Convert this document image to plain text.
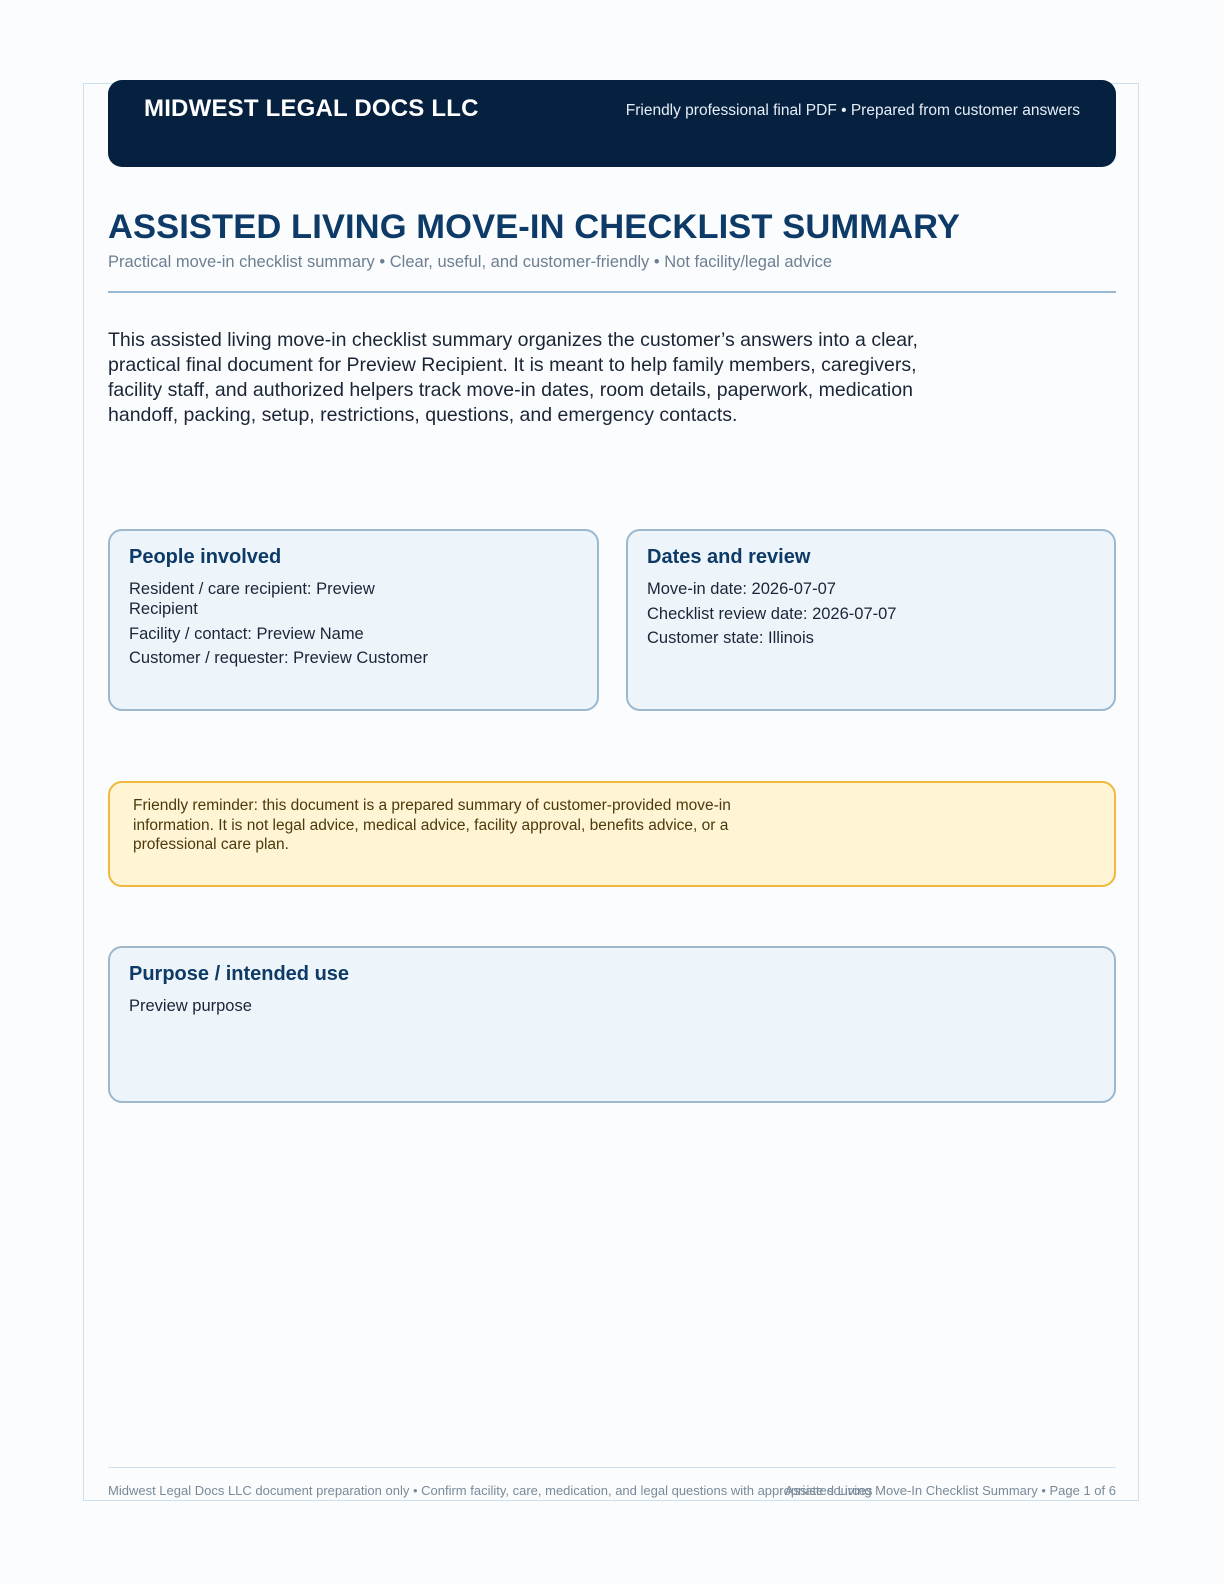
MIDWEST LEGAL DOCS LLC	Friendly professional final PDF • Prepared from customer answers
ASSISTED LIVING MOVE-IN CHECKLIST SUMMARY
Practical move-in checklist summary • Clear, useful, and customer-friendly • Not facility/legal advice

This assisted living move-in checklist summary organizes the customer’s answers into a clear, practical final document for Preview Recipient. It is meant to help family members, caregivers, facility staff, and authorized helpers track move-in dates, room details, paperwork, medication handoff, packing, setup, restrictions, questions, and emergency contacts.

People involved
Resident / care recipient: Preview Recipient
Facility / contact: Preview Name
Customer / requester: Preview Customer
Dates and review
Move-in date: 2026-07-07
Checklist review date: 2026-07-07
Customer state: Illinois

Friendly reminder: this document is a prepared summary of customer-provided move-in information. It is not legal advice, medical advice, facility approval, benefits advice, or a professional care plan.

Purpose / intended use
Preview purpose
Midwest Legal Docs LLC document preparation only • Confirm facility, care, medication, and legal questions with appropriate sources
Assisted Living Move-In Checklist Summary • Page 1 of 6
